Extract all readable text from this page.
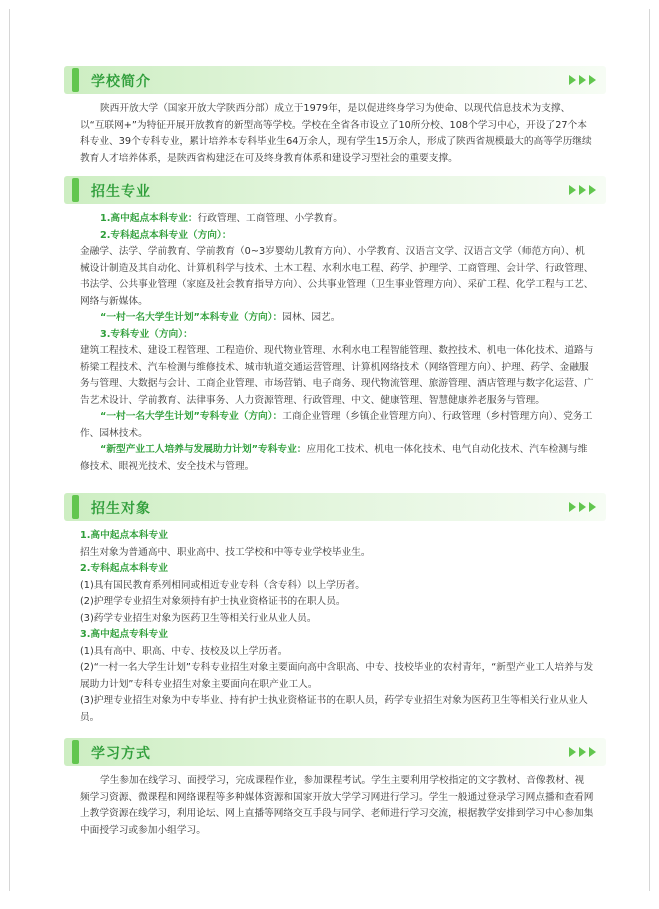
学校简介

陕西开放大学（国家开放大学陕西分部）成立于1979年，是以促进终身学习为使命、以现代信息技术为支撑、以“互联网+”为特征开展开放教育的新型高等学校。学校在全省各市设立了10所分校、108个学习中心，开设了27个本科专业、39个专科专业，累计培养本专科毕业生64万余人，现有学生15万余人，形成了陕西省规模最大的高等学历继续教育人才培养体系，是陕西省构建泛在可及终身教育体系和建设学习型社会的重要支撑。

招生专业

1.高中起点本科专业：行政管理、工商管理、小学教育。

2.专科起点本科专业（方向）：

金融学、法学、学前教育、学前教育（0~3岁婴幼儿教育方向）、小学教育、汉语言文学、汉语言文学（师范方向）、机械设计制造及其自动化、计算机科学与技术、土木工程、水利水电工程、药学、护理学、工商管理、会计学、行政管理、书法学、公共事业管理（家庭及社会教育指导方向）、公共事业管理（卫生事业管理方向）、采矿工程、化学工程与工艺、网络与新媒体。

“一村一名大学生计划”本科专业（方向）：园林、园艺。

3.专科专业（方向）：

建筑工程技术、建设工程管理、工程造价、现代物业管理、水利水电工程智能管理、数控技术、机电一体化技术、道路与桥梁工程技术、汽车检测与维修技术、城市轨道交通运营管理、计算机网络技术（网络管理方向）、护理、药学、金融服务与管理、大数据与会计、工商企业管理、市场营销、电子商务、现代物流管理、旅游管理、酒店管理与数字化运营、广告艺术设计、学前教育、法律事务、人力资源管理、行政管理、中文、健康管理、智慧健康养老服务与管理。

“一村一名大学生计划”专科专业（方向）：工商企业管理（乡镇企业管理方向）、行政管理（乡村管理方向）、党务工作、园林技术。

“新型产业工人培养与发展助力计划”专科专业：应用化工技术、机电一体化技术、电气自动化技术、汽车检测与维修技术、眼视光技术、安全技术与管理。

招生对象

1.高中起点本科专业

招生对象为普通高中、职业高中、技工学校和中等专业学校毕业生。

2.专科起点本科专业

(1)具有国民教育系列相同或相近专业专科（含专科）以上学历者。

(2)护理学专业招生对象须持有护士执业资格证书的在职人员。

(3)药学专业招生对象为医药卫生等相关行业从业人员。

3.高中起点专科专业

(1)具有高中、职高、中专、技校及以上学历者。

(2)“一村一名大学生计划”专科专业招生对象主要面向高中含职高、中专、技校毕业的农村青年，“新型产业工人培养与发展助力计划”专科专业招生对象主要面向在职产业工人。

(3)护理专业招生对象为中专毕业、持有护士执业资格证书的在职人员，药学专业招生对象为医药卫生等相关行业从业人员。

学习方式

学生参加在线学习、面授学习，完成课程作业，参加课程考试。学生主要利用学校指定的文字教材、音像教材、视频学习资源、微课程和网络课程等多种媒体资源和国家开放大学学习网进行学习。学生一般通过登录学习网点播和查看网上教学资源在线学习，利用论坛、网上直播等网络交互手段与同学、老师进行学习交流，根据教学安排到学习中心参加集中面授学习或参加小组学习。
